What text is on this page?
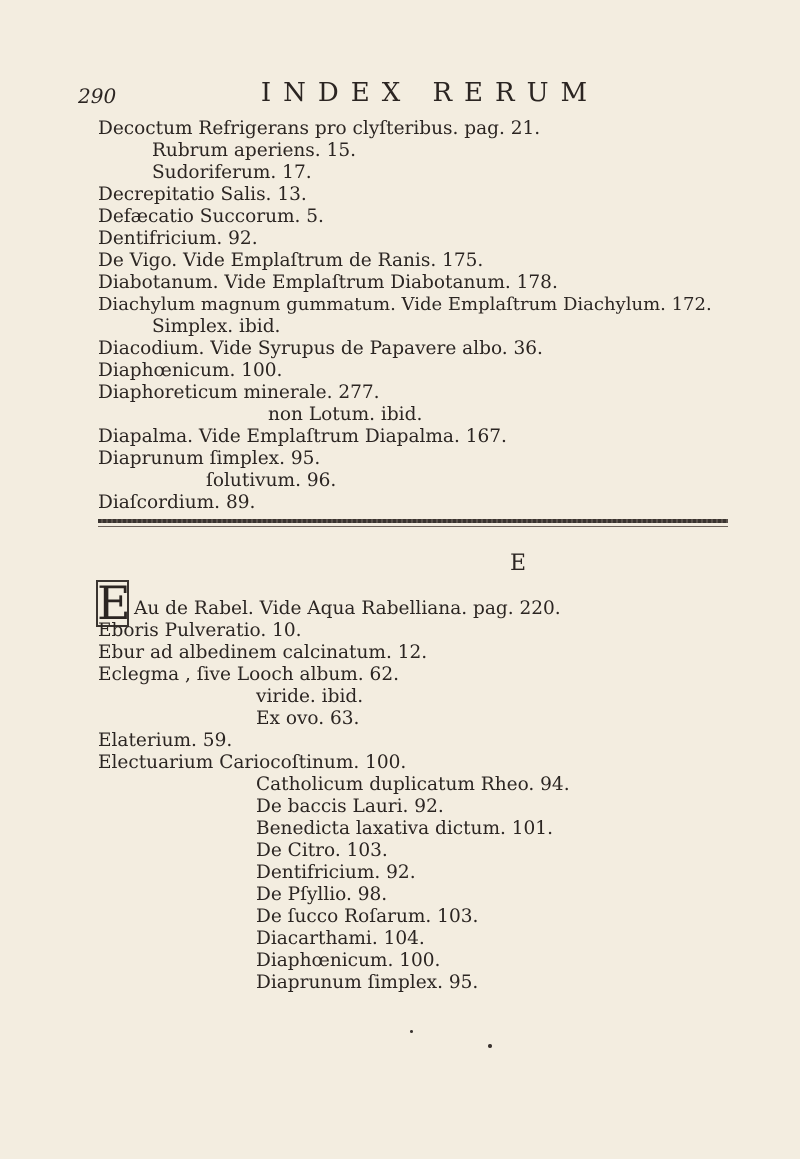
290	INDEX RERUM
Decoctum Refrigerans pro clyſteribus. pag. 21.
Rubrum aperiens. 15.
Sudoriferum. 17.
Decrepitatio Salis. 13.
Defæcatio Succorum. 5.
Dentifricium. 92.
De Vigo. Vide Emplaſtrum de Ranis. 175.
Diabotanum. Vide Emplaſtrum Diabotanum. 178.
Diachylum magnum gummatum. Vide Emplaſtrum Diachylum. 172.
Simplex. ibid.
Diacodium. Vide Syrupus de Papavere albo. 36.
Diaphœnicum. 100.
Diaphoreticum minerale. 277.
non Lotum. ibid.
Diapalma. Vide Emplaſtrum Diapalma. 167.
Diaprunum ſimplex. 95.
ſolutivum. 96.
Diaſcordium. 89.
E
E Au de Rabel. Vide Aqua Rabelliana. pag. 220.
Eboris Pulveratio. 10.
Ebur ad albedinem calcinatum. 12.
Eclegma , ſive Looch album. 62.
viride. ibid.
Ex ovo. 63.
Elaterium. 59.
Electuarium Cariocoſtinum. 100.
Catholicum duplicatum Rheo. 94.
De baccis Lauri. 92.
Benedicta laxativa dictum. 101.
De Citro. 103.
Dentifricium. 92.
De Pſyllio. 98.
De ſucco Roſarum. 103.
Diacarthami. 104.
Diaphœnicum. 100.
Diaprunum ſimplex. 95.
